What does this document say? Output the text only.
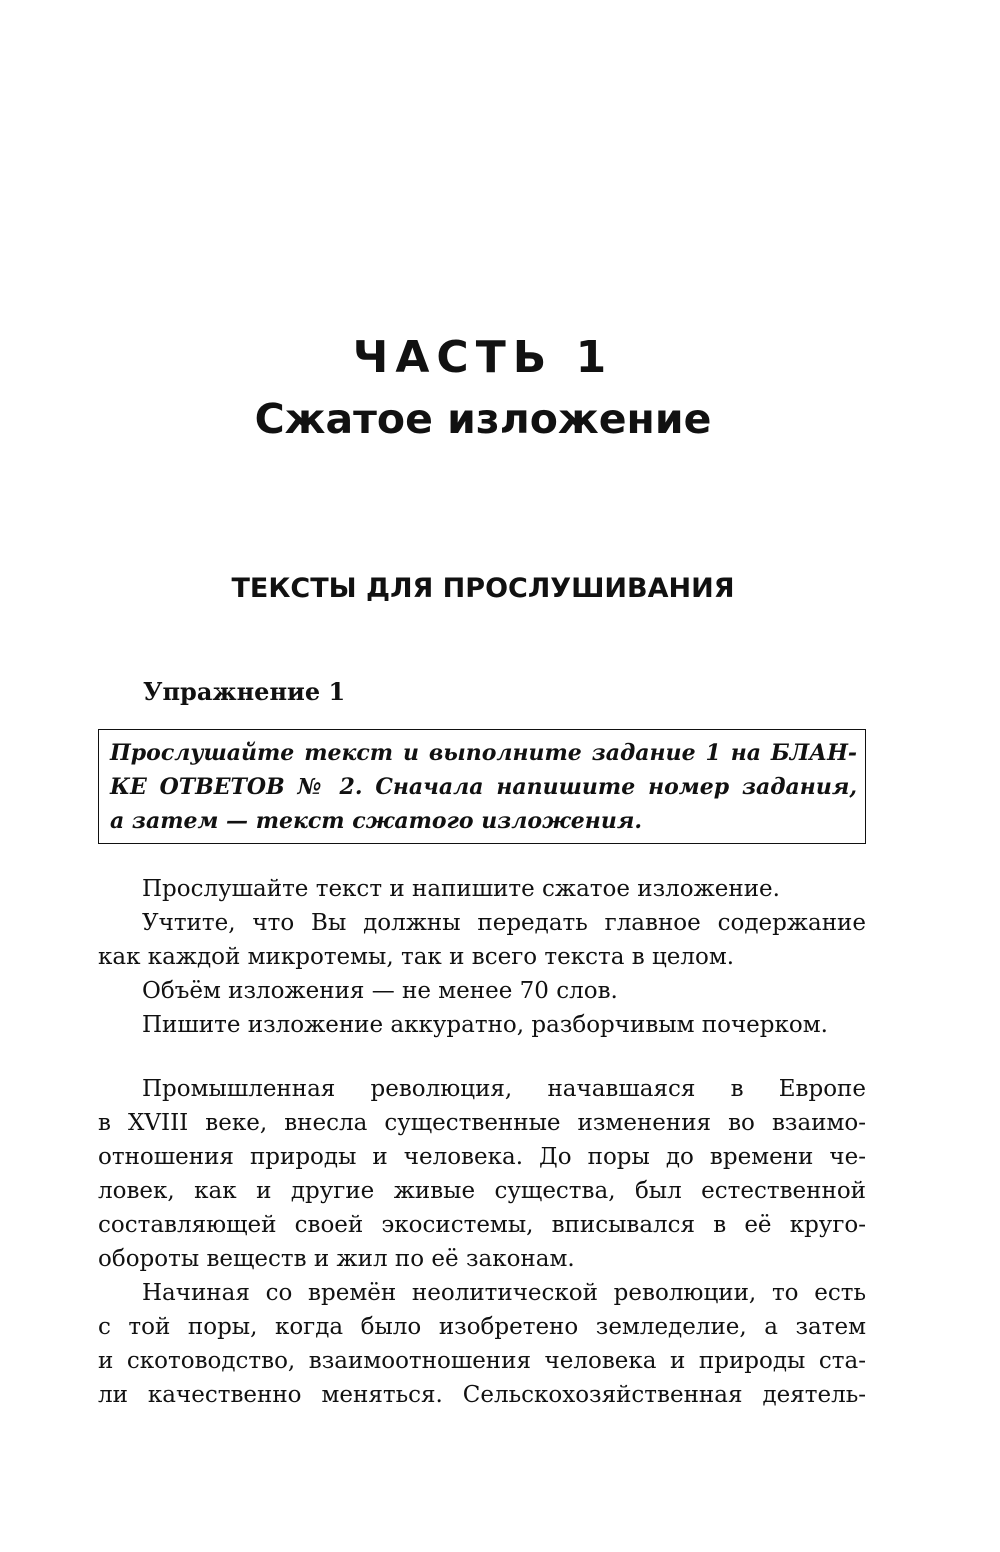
ЧАСТЬ 1
Сжатое изложение
ТЕКСТЫ ДЛЯ ПРОСЛУШИВАНИЯ
Упражнение 1
Прослушайте текст и выполните задание 1 на БЛАН-
КЕ ОТВЕТОВ № 2. Сначала напишите номер задания,
а затем — текст сжатого изложения.
Прослушайте текст и напишите сжатое изложение.
Учтите, что Вы должны передать главное содержание
как каждой микротемы, так и всего текста в целом.
Объём изложения — не менее 70 слов.
Пишите изложение аккуратно, разборчивым почерком.
Промышленная революция, начавшаяся в Европе
в XVIII веке, внесла существенные изменения во взаимо-
отношения природы и человека. До поры до времени че-
ловек, как и другие живые существа, был естественной
составляющей своей экосистемы, вписывался в её круго-
обороты веществ и жил по её законам.
Начиная со времён неолитической революции, то есть
с той поры, когда было изобретено земледелие, а затем
и скотоводство, взаимоотношения человека и природы ста-
ли качественно меняться. Сельскохозяйственная деятель-
